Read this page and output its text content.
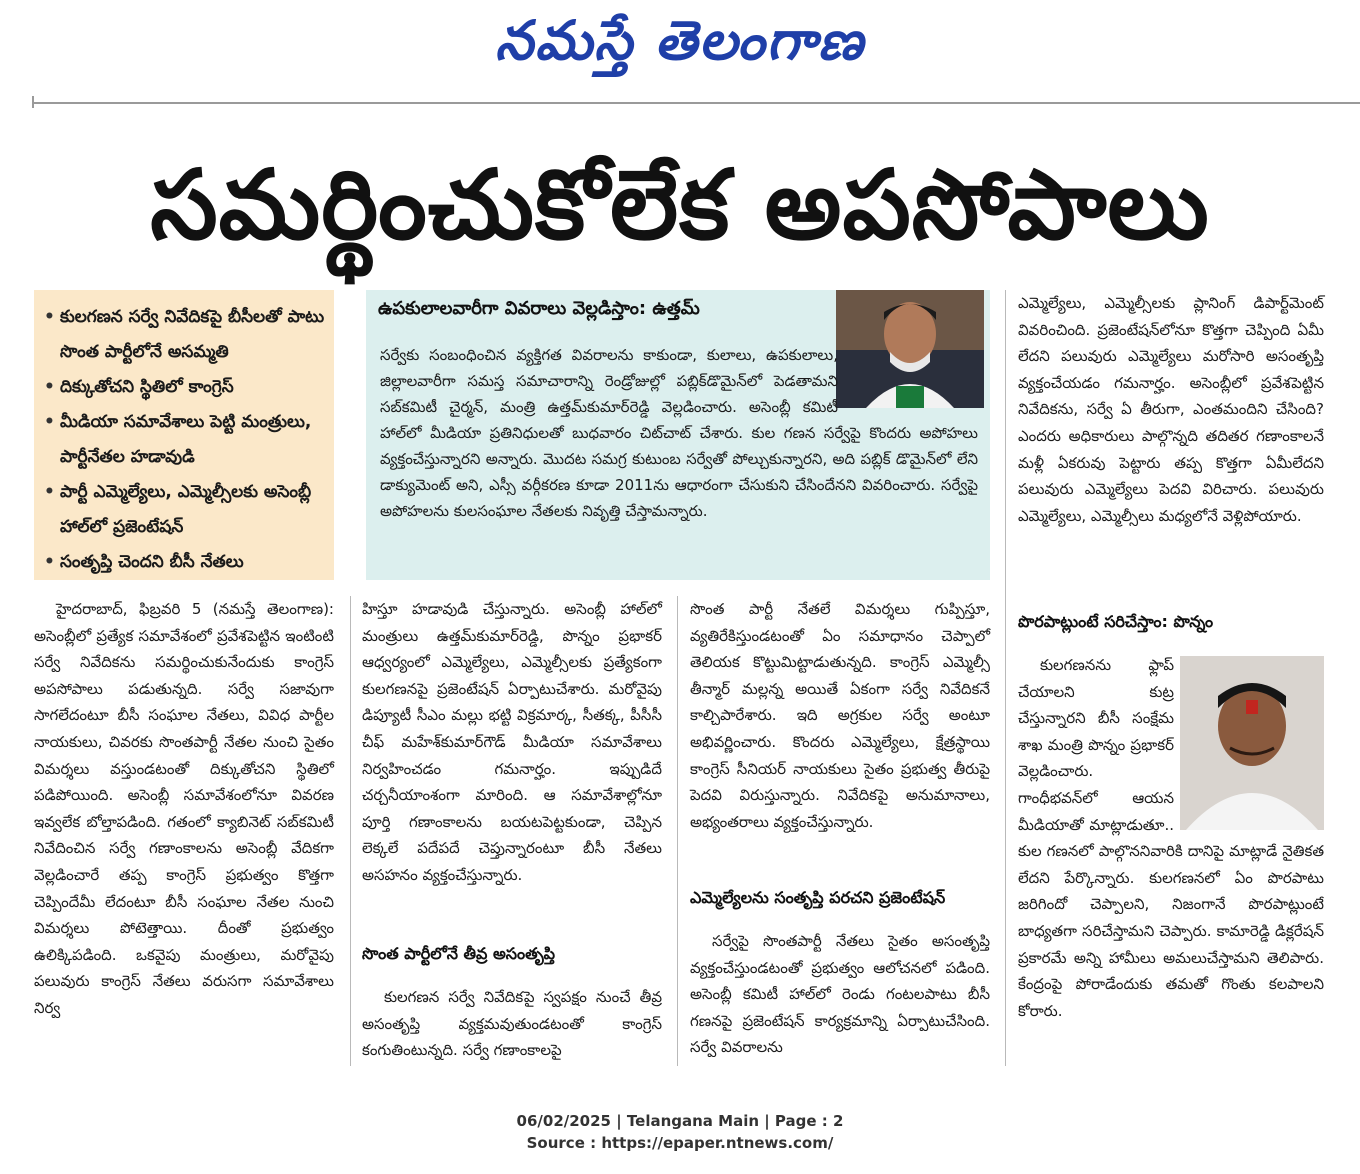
నమస్తే తెలంగాణ
సమర్థించుకోలేక అపసోపాలు
• కులగణన సర్వే నివేదికపై బీసీలతో పాటు సొంత పార్టీలోనే అసమ్మతి
• దిక్కుతోచని స్థితిలో కాంగ్రెస్
• మీడియా సమావేశాలు పెట్టి మంత్రులు, పార్టీనేతల హడావుడి
• పార్టీ ఎమ్మెల్యేలు, ఎమ్మెల్సీలకు అసెంబ్లీ హాల్‌లో ప్రజెంటేషన్
• సంతృప్తి చెందని బీసీ నేతలు
ఉపకులాలవారీగా వివరాలు వెల్లడిస్తాం: ఉత్తమ్
సర్వేకు సంబంధించిన వ్యక్తిగత వివరాలను కాకుండా, కులాలు, ఉపకులాలు, జిల్లాలవారీగా సమస్త సమాచారాన్ని రెండ్రోజుల్లో పబ్లిక్‌డొమైన్‌లో పెడతామని సబ్‌కమిటీ చైర్మన్‌, మంత్రి ఉత్తమ్‌కుమార్‌రెడ్డి వెల్లడించారు. అసెంబ్లీ కమిటీ హాల్‌లో మీడియా ప్రతినిధులతో బుధవారం చిట్‌చాట్‌ చేశారు. కుల గణన సర్వేపై కొందరు అపోహలు వ్యక్తంచేస్తున్నారని అన్నారు. మొదట సమగ్ర కుటుంబ సర్వేతో పోల్చుకున్నారని, అది పబ్లిక్‌ డొమైన్‌లో లేని డాక్యుమెంట్‌ అని, ఎస్సీ వర్గీకరణ కూడా 2011ను ఆధారంగా చేసుకుని చేసిందేనని వివరించారు. సర్వేపై అపోహలను కులసంఘాల నేతలకు నివృత్తి చేస్తామన్నారు.

హైదరాబాద్‌, ఫిబ్రవరి 5 (నమస్తే తెలంగాణ): అసెంబ్లీలో ప్రత్యేక సమావేశంలో ప్రవేశపెట్టిన ఇంటింటి సర్వే నివేదికను సమర్థించుకునేందుకు కాంగ్రెస్‌ అపసోపాలు పడుతున్నది. సర్వే సజావుగా సాగలేదంటూ బీసీ సంఘాల నేతలు, వివిధ పార్టీల నాయకులు, చివరకు సొంతపార్టీ నేతల నుంచి సైతం విమర్శలు వస్తుండటంతో దిక్కుతోచని స్థితిలో పడిపోయింది. అసెంబ్లీ సమావేశంలోనూ వివరణ ఇవ్వలేక బోల్తాపడింది. గతంలో క్యాబినెట్‌ సబ్‌కమిటీ నివేదించిన సర్వే గణాంకాలను అసెంబ్లీ వేదికగా వెల్లడించారే తప్ప కాంగ్రెస్‌ ప్రభుత్వం కొత్తగా చెప్పిందేమీ లేదంటూ బీసీ సంఘాల నేతల నుంచి విమర్శలు పోటెత్తాయి. దీంతో ప్రభుత్వం ఉలిక్కిపడింది. ఒకవైపు మంత్రులు, మరోవైపు పలువురు కాంగ్రెస్‌ నేతలు వరుసగా సమావేశాలు నిర్వ

హిస్తూ హడావుడి చేస్తున్నారు. అసెంబ్లీ హాల్‌లో మంత్రులు ఉత్తమ్‌కుమార్‌రెడ్డి, పొన్నం ప్రభాకర్‌ ఆధ్వర్యంలో ఎమ్మెల్యేలు, ఎమ్మెల్సీలకు ప్రత్యేకంగా కులగణనపై ప్రజెంటేషన్‌ ఏర్పాటుచేశారు. మరోవైపు డిప్యూటీ సీఎం మల్లు భట్టి విక్రమార్క, సీతక్క, పీసీసీ చీఫ్‌ మహేశ్‌కుమార్‌గౌడ్‌ మీడియా సమావేశాలు నిర్వహించడం గమనార్హం. ఇప్పుడిదే చర్చనీయాంశంగా మారింది. ఆ సమావేశాల్లోనూ పూర్తి గణాంకాలను బయటపెట్టకుండా, చెప్పిన లెక్కలే పదేపదే చెప్తున్నారంటూ బీసీ నేతలు అసహనం వ్యక్తంచేస్తున్నారు.

సొంత పార్టీలోనే తీవ్ర అసంతృప్తి

కులగణన సర్వే నివేదికపై స్వపక్షం నుంచే తీవ్ర అసంతృప్తి వ్యక్తమవుతుండటంతో కాంగ్రెస్‌ కంగుతింటున్నది. సర్వే గణాంకాలపై

సొంత పార్టీ నేతలే విమర్శలు గుప్పిస్తూ, వ్యతిరేకిస్తుండటంతో ఏం సమాధానం చెప్పాలో తెలియక కొట్టుమిట్టాడుతున్నది. కాంగ్రెస్‌ ఎమ్మెల్సీ తీన్మార్‌ మల్లన్న అయితే ఏకంగా సర్వే నివేదికనే కాల్చిపారేశారు. ఇది అగ్రకుల సర్వే అంటూ అభివర్ణించారు. కొందరు ఎమ్మెల్యేలు, క్షేత్రస్థాయి కాంగ్రెస్‌ సీనియర్‌ నాయకులు సైతం ప్రభుత్వ తీరుపై పెదవి విరుస్తున్నారు. నివేదికపై అనుమానాలు, అభ్యంతరాలు వ్యక్తంచేస్తున్నారు.

ఎమ్మెల్యేలను సంతృప్తి పరచని ప్రజెంటేషన్‌

సర్వేపై సొంతపార్టీ నేతలు సైతం అసంతృప్తి వ్యక్తంచేస్తుండటంతో ప్రభుత్వం ఆలోచనలో పడింది. అసెంబ్లీ కమిటీ హాల్‌లో రెండు గంటలపాటు బీసీ గణనపై ప్రజెంటేషన్‌ కార్యక్రమాన్ని ఏర్పాటుచేసింది. సర్వే వివరాలను

ఎమ్మెల్యేలు, ఎమ్మెల్సీలకు ప్లానింగ్‌ డిపార్ట్‌మెంట్‌ వివరించింది. ప్రజెంటేషన్‌లోనూ కొత్తగా చెప్పింది ఏమీ లేదని పలువురు ఎమ్మెల్యేలు మరోసారి అసంతృప్తి వ్యక్తంచేయడం గమనార్హం. అసెంబ్లీలో ప్రవేశపెట్టిన నివేదికను, సర్వే ఏ తీరుగా, ఎంతమందిని చేసింది? ఎందరు అధికారులు పాల్గొన్నది తదితర గణాంకాలనే మళ్లీ ఏకరువు పెట్టారు తప్ప కొత్తగా ఏమీలేదని పలువురు ఎమ్మెల్యేలు పెదవి విరిచారు. పలువురు ఎమ్మెల్యేలు, ఎమ్మెల్సీలు మధ్యలోనే వెళ్లిపోయారు.

పొరపాట్లుంటే సరిచేస్తాం: పొన్నం

కులగణనను ఫ్లాప్‌ చేయాలని కుట్ర చేస్తున్నారని బీసీ సంక్షేమ శాఖ మంత్రి పొన్నం ప్రభాకర్‌ వెల్లడించారు. గాంధీభవన్‌లో ఆయన మీడియాతో మాట్లాడుతూ.. కుల గణనలో పాల్గొననివారికి దానిపై మాట్లాడే నైతికత లేదని పేర్కొన్నారు. కులగణనలో ఏం పొరపాటు జరిగిందో చెప్పాలని, నిజంగానే పొరపాట్లుంటే బాధ్యతగా సరిచేస్తామని చెప్పారు. కామారెడ్డి డిక్లరేషన్‌ ప్రకారమే అన్ని హామీలు అమలుచేస్తామని తెలిపారు. కేంద్రంపై పోరాడేందుకు తమతో గొంతు కలపాలని కోరారు.

06/02/2025 | Telangana Main | Page : 2
Source : https://epaper.ntnews.com/
